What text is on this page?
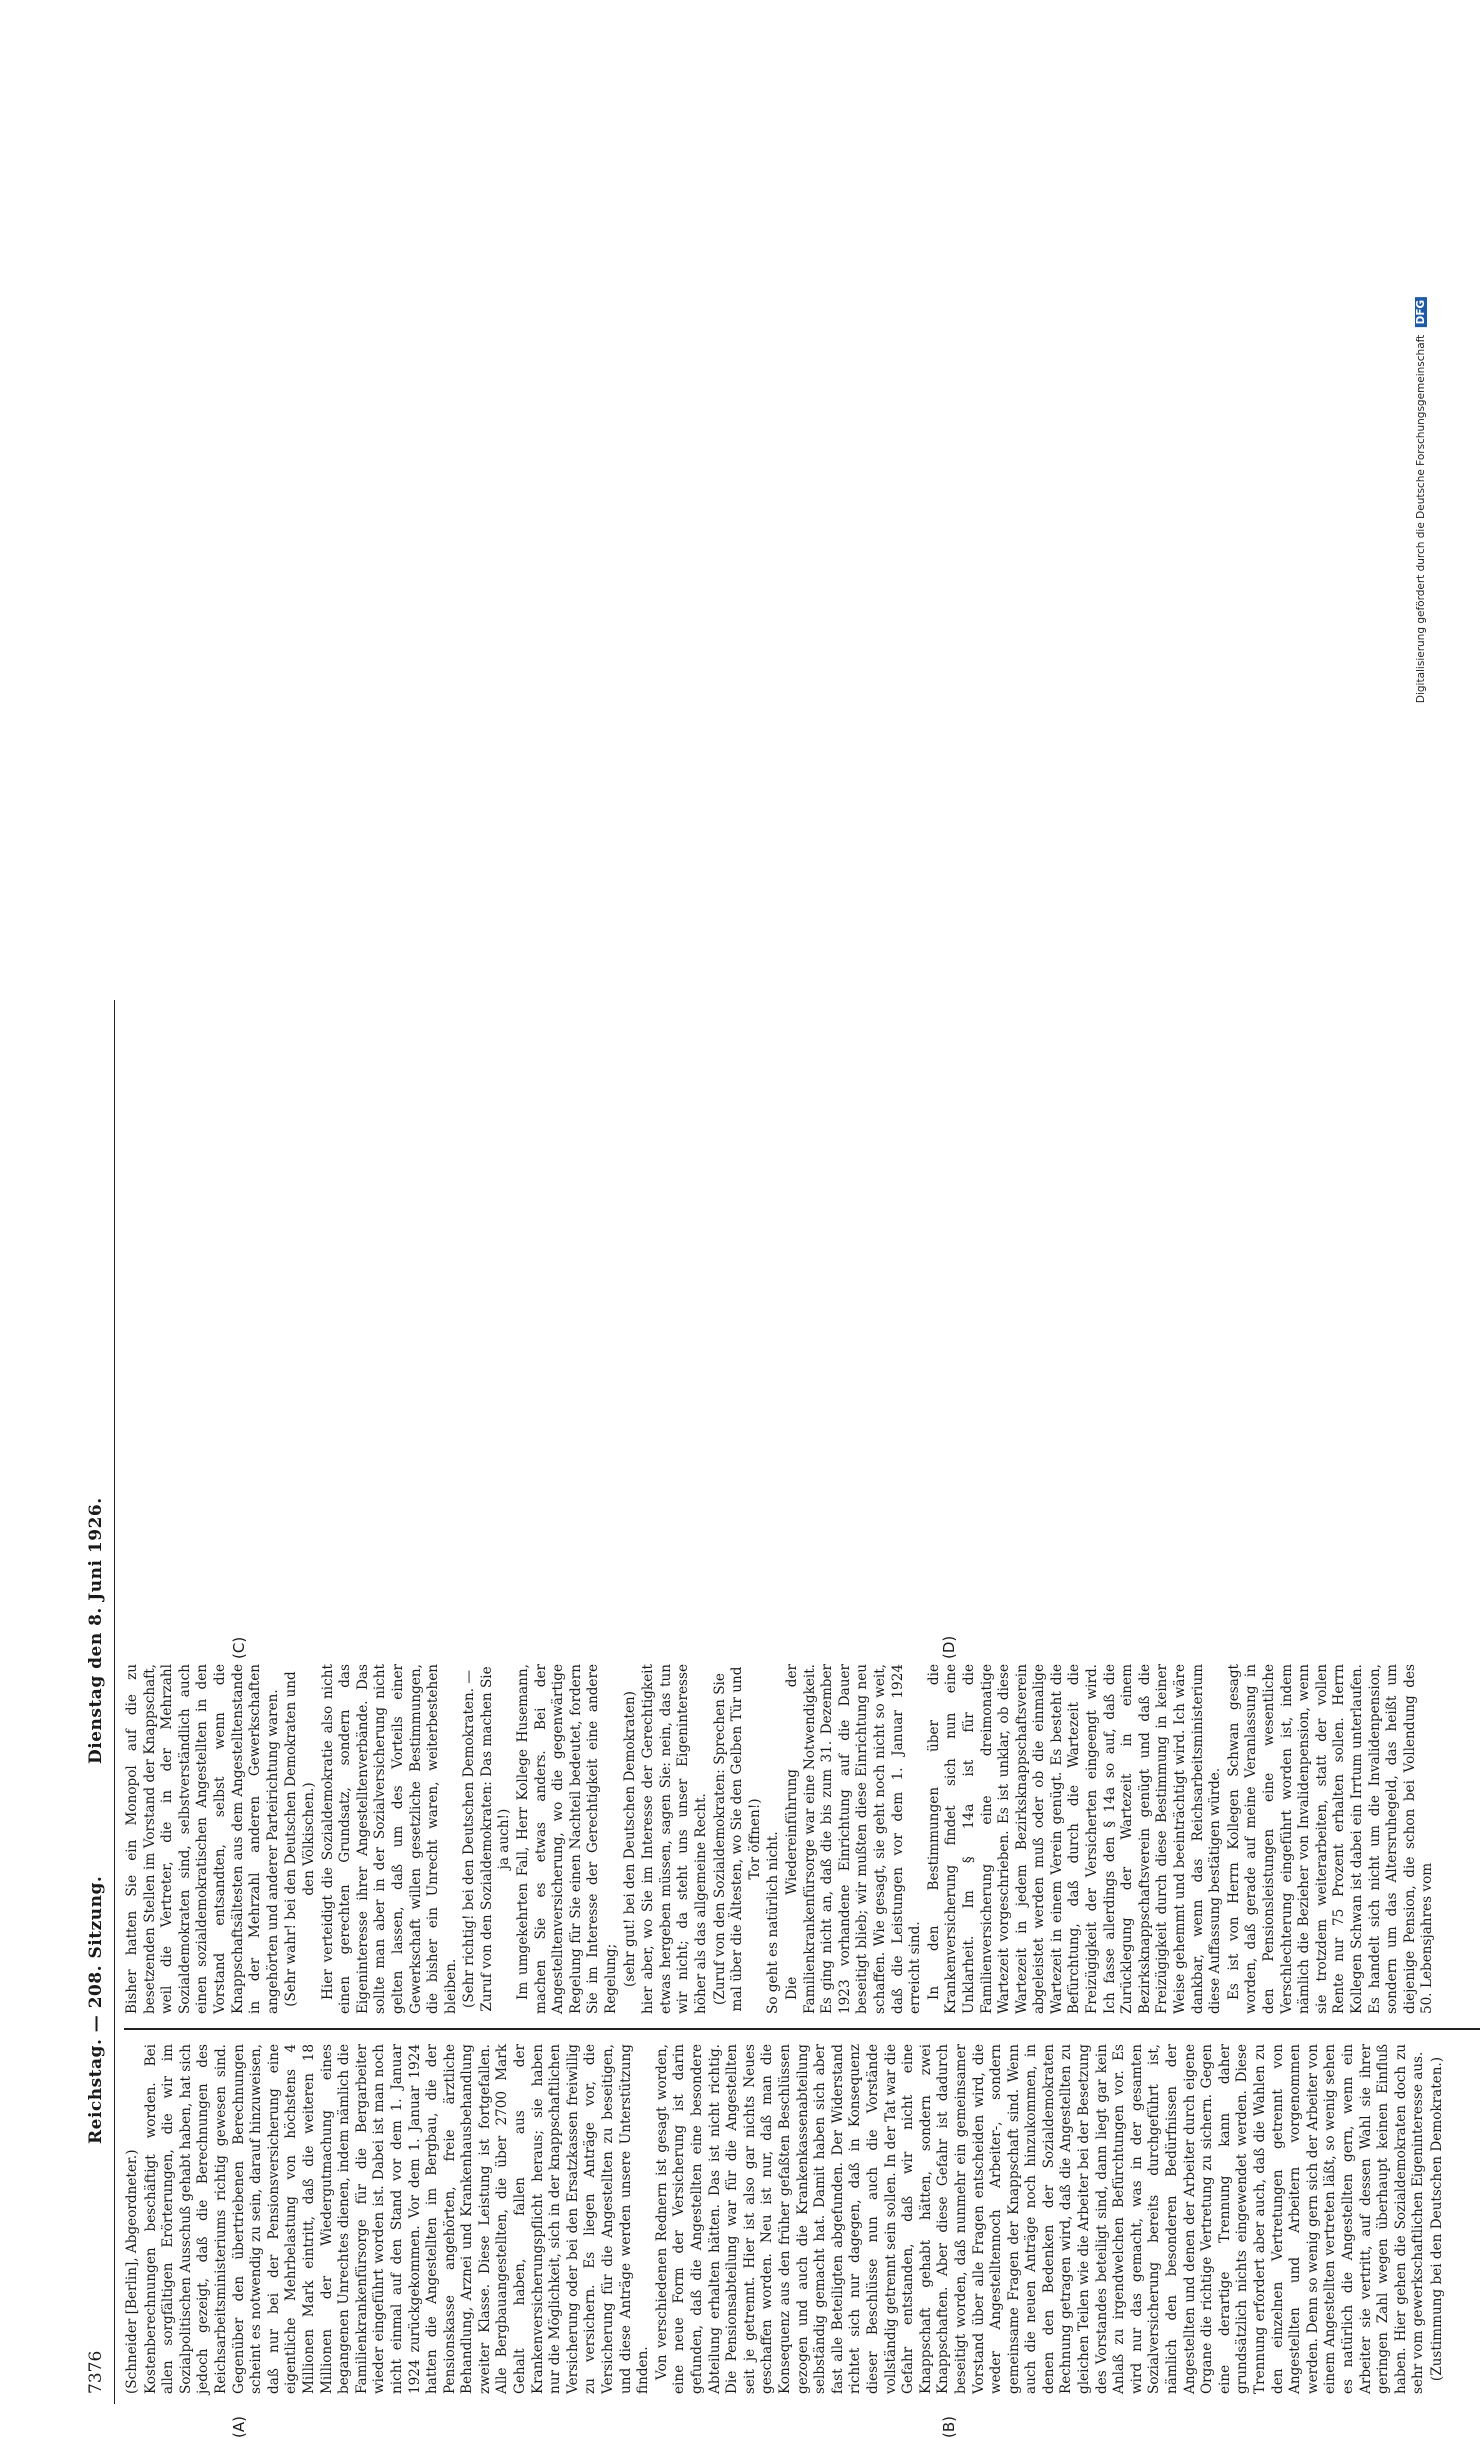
7376
Reichstag. — 208. Sitzung.
Dienstag den 8. Juni 1926.
(A)	(B)
(C)	(D)

(Schneider [Berlin], Abgeordneter.) Kostenberechnungen beschäftigt worden. Bei allen sorgfältigen Erörterungen, die wir im Sozialpolitischen Ausschuß gehabt haben, hat sich jedoch gezeigt, daß die Berechnungen des Reichsarbeitsministeriums richtig gewesen sind. Gegenüber den übertriebenen Berechnungen scheint es notwendig zu sein, darauf hinzuweisen, daß nur bei der Pensionsversicherung eine eigentliche Mehrbelastung von höchstens 4 Millionen Mark eintritt, daß die weiteren 18 Millionen der Wiedergutmachung eines begangenen Unrechtes dienen, indem nämlich die Familienkrankenfürsorge für die Bergarbeiter wieder eingeführt worden ist. Dabei ist man noch nicht einmal auf den Stand vor dem 1. Januar 1924 zurückgekommen. Vor dem 1. Januar 1924 hatten die Angestellten im Bergbau, die der Pensionskasse angehörten, freie ärztliche Behandlung, Arznei und Krankenhausbehandlung zweiter Klasse. Diese Leistung ist fortgefallen. Alle Bergbauangestellten, die über 2700 Mark Gehalt haben, fallen aus der Krankenversicherungspflicht heraus; sie haben nur die Möglichkeit, sich in der knappschaftlichen Versicherung oder bei den Ersatzkassen freiwillig zu versichern. Es liegen Anträge vor, die Versicherung für die Angestellten zu beseitigen, und diese Anträge werden unsere Unterstützung finden. Von verschiedenen Rednern ist gesagt worden, eine neue Form der Versicherung ist darin gefunden, daß die Angestellten eine besondere Abteilung erhalten hätten. Das ist nicht richtig. Die Pensionsabteilung war für die Angestellten seit je getrennt. Hier ist also gar nichts Neues geschaffen worden. Neu ist nur, daß man die Konsequenz aus den früher gefaßten Beschlüssen gezogen und auch die Krankenkassenabteilung selbständig gemacht hat. Damit haben sich aber fast alle Beteiligten abgefunden. Der Widerstand richtet sich nur dagegen, daß in Konsequenz dieser Beschlüsse nun auch die Vorstände vollständig getrennt sein sollen. In der Tat war die Gefahr entstanden, daß wir nicht eine Knappschaft gehabt hätten, sondern zwei Knappschaften. Aber diese Gefahr ist dadurch beseitigt worden, daß nunmehr ein gemeinsamer Vorstand über alle Fragen entscheiden wird, die weder Angestelltennoch Arbeiter-, sondern gemeinsame Fragen der Knappschaft sind. Wenn auch die neuen Anträge noch hinzukommen, in denen den Bedenken der Sozialdemokraten Rechnung getragen wird, daß die Angestellten zu gleichen Teilen wie die Arbeiter bei der Besetzung des Vorstandes beteiligt sind, dann liegt gar kein Anlaß zu irgendwelchen Befürchtungen vor. Es wird nur das gemacht, was in der gesamten Sozialversicherung bereits durchgeführt ist, nämlich den besonderen Bedürfnissen der Angestellten und denen der Arbeiter durch eigene Organe die richtige Vertretung zu sichern. Gegen eine derartige Trennung kann daher grundsätzlich nichts eingewendet werden. Diese Trennung erfordert aber auch, daß die Wahlen zu den einzelnen Vertretungen getrennt von Angestellten und Arbeitern vorgenommen werden. Denn so wenig gern sich der Arbeiter von einem Angestellten vertreten läßt, so wenig sehen es natürlich die Angestellten gern, wenn ein Arbeiter sie vertritt, auf dessen Wahl sie ihrer geringen Zahl wegen überhaupt keinen Einfluß haben. Hier gehen die Sozialdemokraten doch zu sehr vom gewerkschaftlichen Eigeninteresse aus. (Zustimmung bei den Deutschen Demokraten.)

Bisher hatten Sie ein Monopol auf die zu besetzenden Stellen im Vorstand der Knappschaft, weil die Vertreter, die in der Mehrzahl Sozialdemokraten sind, selbstverständlich auch einen sozialdemokratischen Angestellten in den Vorstand entsandten, selbst wenn die Knappschaftsältesten aus dem Angestelltenstande in der Mehrzahl anderen Gewerkschaften angehörten und anderer Parteirichtung waren. (Sehr wahr! bei den Deutschen Demokraten und den Völkischen.) Hier verteidigt die Sozialdemokratie also nicht einen gerechten Grundsatz, sondern das Eigeninteresse ihrer Angestelltenverbände. Das sollte man aber in der Sozialversicherung nicht gelten lassen, daß um des Vorteils einer Gewerkschaft willen gesetzliche Bestimmungen, die bisher ein Unrecht waren, weiterbestehen bleiben. (Sehr richtig! bei den Deutschen Demokraten. — Zuruf von den Sozialdemokraten: Das machen Sie ja auch!) Im umgekehrten Fall, Herr Kollege Husemann, machen Sie es etwas anders. Bei der Angestelltenversicherung, wo die gegenwärtige Regelung für Sie einen Nachteil bedeutet, fordern Sie im Interesse der Gerechtigkeit eine andere Regelung; (sehr gut! bei den Deutschen Demokraten) hier aber, wo Sie im Interesse der Gerechtigkeit etwas hergeben müssen, sagen Sie: nein, das tun wir nicht; da steht uns unser Eigeninteresse höher als das allgemeine Recht. (Zuruf von den Sozialdemokraten: Sprechen Sie mal über die Ältesten, wo Sie den Gelben Tür und Tor öffnen!) So geht es natürlich nicht. Die Wiedereinführung der Familienkrankenfürsorge war eine Notwendigkeit. Es ging nicht an, daß die bis zum 31. Dezember 1923 vorhandene Einrichtung auf die Dauer beseitigt blieb; wir mußten diese Einrichtung neu schaffen. Wie gesagt, sie geht noch nicht so weit, daß die Leistungen vor dem 1. Januar 1924 erreicht sind. In den Bestimmungen über die Krankenversicherung findet sich nun eine Unklarheit. Im § 14a ist für die Familienversicherung eine dreimonatige Wartezeit vorgeschrieben. Es ist unklar, ob diese Wartezeit in jedem Bezirksknappschaftsverein abgeleistet werden muß oder ob die einmalige Wartezeit in einem Verein genügt. Es besteht die Befürchtung, daß durch die Wartezeit die Freizügigkeit der Versicherten eingeengt wird. Ich fasse allerdings den § 14a so auf, daß die Zurücklegung der Wartezeit in einem Bezirksknappschaftsverein genügt und daß die Freizügigkeit durch diese Bestimmung in keiner Weise gehemmt und beeinträchtigt wird. Ich wäre dankbar, wenn das Reichsarbeitsministerium diese Auffassung bestätigen würde. Es ist von Herrn Kollegen Schwan gesagt worden, daß gerade auf meine Veranlassung in den Pensionsleistungen eine wesentliche Verschlechterung eingeführt worden ist, indem nämlich die Bezieher von Invalidenpension, wenn sie trotzdem weiterarbeiten, statt der vollen Rente nur 75 Prozent erhalten sollen. Herrn Kollegen Schwan ist dabei ein Irrtum unterlaufen. Es handelt sich nicht um die Invalidenpension, sondern um das Altersruhegeld, das heißt um diejenige Pension, die schon bei Vollendung des 50. Lebensjahres vom

Digitalisierung gefördert durch die Deutsche Forschungsgemeinschaft DFG
